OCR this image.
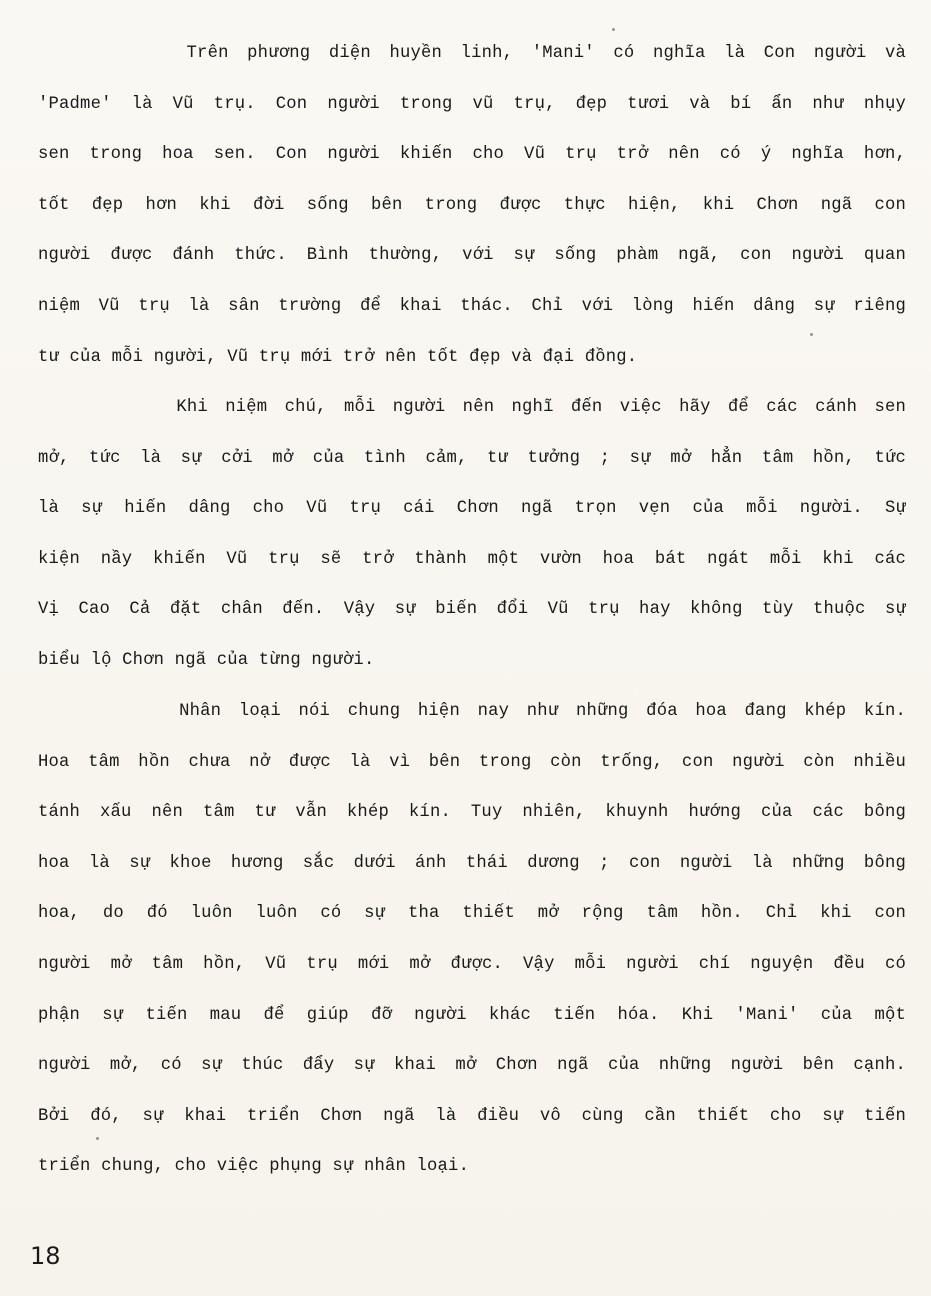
Trên phương diện huyền linh, 'Mani' có nghĩa là Con người và
'Padme' là Vũ trụ. Con người trong vũ trụ, đẹp tươi và bí ẩn như nhụy
sen trong hoa sen. Con người khiến cho Vũ trụ trở nên có ý nghĩa hơn,
tốt đẹp hơn khi đời sống bên trong được thực hiện, khi Chơn ngã con
người được đánh thức. Bình thường, với sự sống phàm ngã, con người quan
niệm Vũ trụ là sân trường để khai thác. Chỉ với lòng hiến dâng sự riêng
tư của mỗi người, Vũ trụ mới trở nên tốt đẹp và đại đồng.
Khi niệm chú, mỗi người nên nghĩ đến việc hãy để các cánh sen
mở, tức là sự cởi mở của tình cảm, tư tưởng ; sự mở hẳn tâm hồn, tức
là sự hiến dâng cho Vũ trụ cái Chơn ngã trọn vẹn của mỗi người. Sự
kiện nầy khiến Vũ trụ sẽ trở thành một vườn hoa bát ngát mỗi khi các
Vị Cao Cả đặt chân đến. Vậy sự biến đổi Vũ trụ hay không tùy thuộc sự
biểu lộ Chơn ngã của từng người.
Nhân loại nói chung hiện nay như những đóa hoa đang khép kín.
Hoa tâm hồn chưa nở được là vì bên trong còn trống, con người còn nhiều
tánh xấu nên tâm tư vẫn khép kín. Tuy nhiên, khuynh hướng của các bông
hoa là sự khoe hương sắc dưới ánh thái dương ; con người là những bông
hoa, do đó luôn luôn có sự tha thiết mở rộng tâm hồn. Chỉ khi con
người mở tâm hồn, Vũ trụ mới mở được. Vậy mỗi người chí nguyện đều có
phận sự tiến mau để giúp đỡ người khác tiến hóa. Khi 'Mani' của một
người mở, có sự thúc đẩy sự khai mở Chơn ngã của những người bên cạnh.
Bởi đó, sự khai triển Chơn ngã là điều vô cùng cần thiết cho sự tiến
triển chung, cho việc phụng sự nhân loại.
18
